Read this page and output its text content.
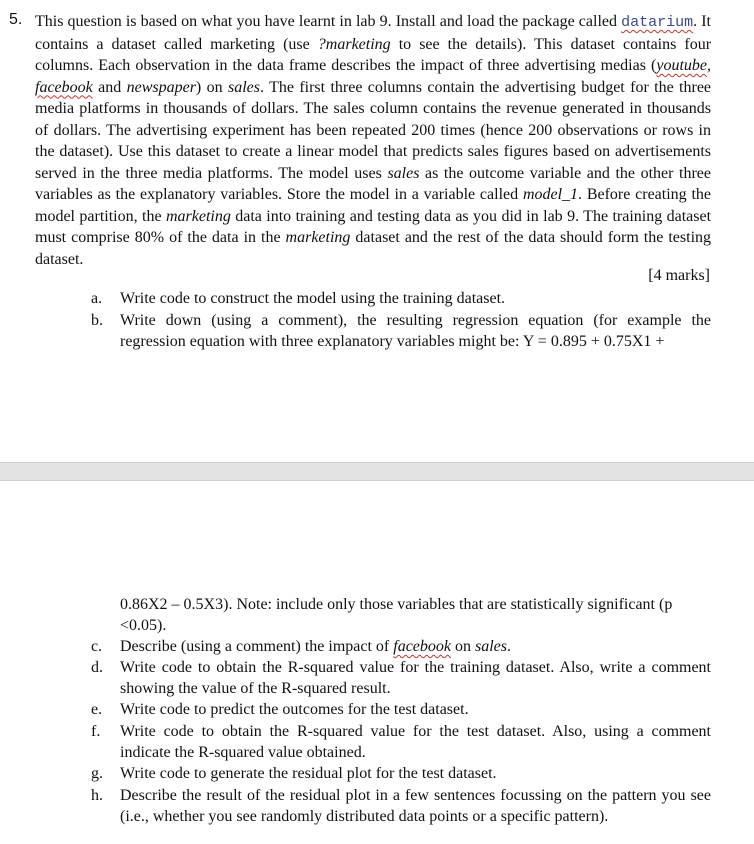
5. This question is based on what you have learnt in lab 9. Install and load the package called datarium. It contains a dataset called marketing (use ?marketing to see the details). This dataset contains four columns. Each observation in the data frame describes the impact of three advertising medias (youtube, facebook and newspaper) on sales. The first three columns contain the advertising budget for the three media platforms in thousands of dollars. The sales column contains the revenue generated in thousands of dollars. The advertising experiment has been repeated 200 times (hence 200 observations or rows in the dataset). Use this dataset to create a linear model that predicts sales figures based on advertisements served in the three media platforms. The model uses sales as the outcome variable and the other three variables as the explanatory variables. Store the model in a variable called model_1. Before creating the model partition, the marketing data into training and testing data as you did in lab 9. The training dataset must comprise 80% of the data in the marketing dataset and the rest of the data should form the testing dataset.
[4 marks]
a. Write code to construct the model using the training dataset.
b. Write down (using a comment), the resulting regression equation (for example the regression equation with three explanatory variables might be: Y = 0.895 + 0.75X1 +
0.86X2 – 0.5X3). Note: include only those variables that are statistically significant (p <0.05).
c. Describe (using a comment) the impact of facebook on sales.
d. Write code to obtain the R-squared value for the training dataset. Also, write a comment showing the value of the R-squared result.
e. Write code to predict the outcomes for the test dataset.
f. Write code to obtain the R-squared value for the test dataset. Also, using a comment indicate the R-squared value obtained.
g. Write code to generate the residual plot for the test dataset.
h. Describe the result of the residual plot in a few sentences focussing on the pattern you see (i.e., whether you see randomly distributed data points or a specific pattern).
